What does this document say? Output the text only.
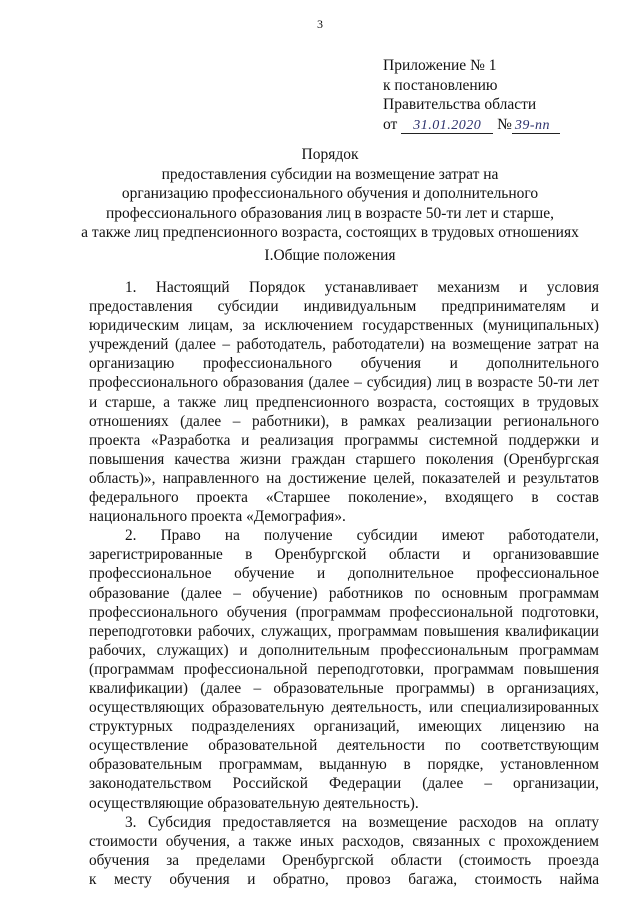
3
Приложение № 1
к постановлению
Правительства области
от 31.01.2020 № 39-пп
Порядок
предоставления субсидии на возмещение затрат на
организацию профессионального обучения и дополнительного
профессионального образования лиц в возрасте 50-ти лет и старше,
а также лиц предпенсионного возраста, состоящих в трудовых отношениях
I.Общие положения
1. Настоящий Порядок устанавливает механизм и условия
предоставления субсидии индивидуальным предпринимателям и
юридическим лицам, за исключением государственных (муниципальных)
учреждений (далее – работодатель, работодатели) на возмещение затрат на
организацию профессионального обучения и дополнительного
профессионального образования (далее – субсидия) лиц в возрасте 50-ти лет
и старше, а также лиц предпенсионного возраста, состоящих в трудовых
отношениях (далее – работники), в рамках реализации регионального
проекта «Разработка и реализация программы системной поддержки и
повышения качества жизни граждан старшего поколения (Оренбургская
область)», направленного на достижение целей, показателей и результатов
федерального проекта «Старшее поколение», входящего в состав
национального проекта «Демография».
2. Право на получение субсидии имеют работодатели,
зарегистрированные в Оренбургской области и организовавшие
профессиональное обучение и дополнительное профессиональное
образование (далее – обучение) работников по основным программам
профессионального обучения (программам профессиональной подготовки,
переподготовки рабочих, служащих, программам повышения квалификации
рабочих, служащих) и дополнительным профессиональным программам
(программам профессиональной переподготовки, программам повышения
квалификации) (далее – образовательные программы) в организациях,
осуществляющих образовательную деятельность, или специализированных
структурных подразделениях организаций, имеющих лицензию на
осуществление образовательной деятельности по соответствующим
образовательным программам, выданную в порядке, установленном
законодательством Российской Федерации (далее – организации,
осуществляющие образовательную деятельность).
3. Субсидия предоставляется на возмещение расходов на оплату
стоимости обучения, а также иных расходов, связанных с прохождением
обучения за пределами Оренбургской области (стоимость проезда
к месту обучения и обратно, провоз багажа, стоимость найма
